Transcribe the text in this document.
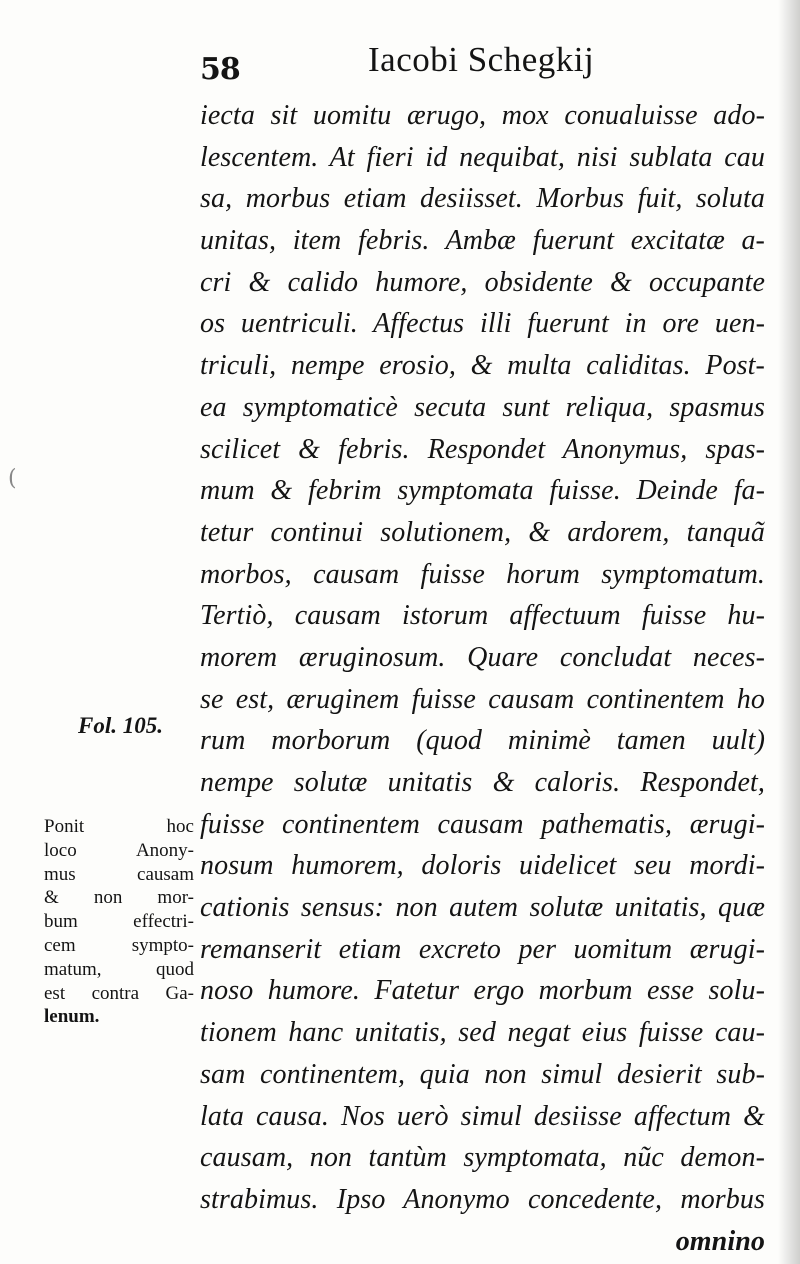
58	Iacobi Schegkij
(
iecta sit uomitu ærugo, mox conualuisse ado-
lescentem. At fieri id nequibat, nisi sublata cau
sa, morbus etiam desiisset. Morbus fuit, soluta
unitas, item febris. Ambæ fuerunt excitatæ a-
cri & calido humore, obsidente & occupante
os uentriculi. Affectus illi fuerunt in ore uen-
triculi, nempe erosio, & multa caliditas. Post-
ea symptomaticè secuta sunt reliqua, spasmus
scilicet & febris. Respondet Anonymus, spas-
mum & febrim symptomata fuisse. Deinde fa-
tetur continui solutionem, & ardorem, tanquã
morbos, causam fuisse horum symptomatum.
Tertiò, causam istorum affectuum fuisse hu-
morem æruginosum. Quare concludat neces-
se est, æruginem fuisse causam continentem ho
rum morborum (quod minimè tamen uult)
nempe solutæ unitatis & caloris. Respondet,
fuisse continentem causam pathematis, ærugi-
nosum humorem, doloris uidelicet seu mordi-
cationis sensus: non autem solutæ unitatis, quæ
remanserit etiam excreto per uomitum ærugi-
noso humore. Fatetur ergo morbum esse solu-
tionem hanc unitatis, sed negat eius fuisse cau-
sam continentem, quia non simul desierit sub-
lata causa. Nos uerò simul desiisse affectum &
causam, non tantùm symptomata, nũc demon-
strabimus. Ipso Anonymo concedente, morbus
omnino
Fol. 105.
Ponit hoc
loco Anony-
mus causam
& non mor-
bum effectri-
cem sympto-
matum, quod
est contra Ga-
lenum.
